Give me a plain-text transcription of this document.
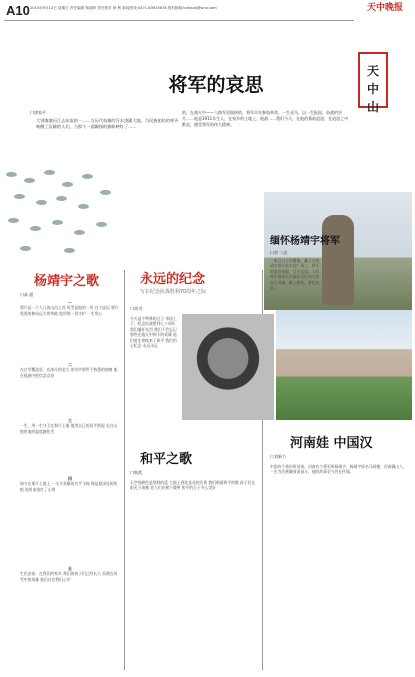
A10 2015年9月13日 星期日 责任编辑 杨淑妍 责任校对 徐 利 新闻热线:0371-63925678 报料邮箱:tzrbxxb@sina.com	天中晚报
天中山
将军的哀思
口唐家平
大别滚滚历江去东流的一……当历代英雄的汗水浇灌大地，当民族团结的呼声唤醒了沉睡的人们，当那个一面飘扬的旗帜映红了……
的，在战火中——八路军里面拼的，将军早年参加革命，一生戎马，以一生报国，奋战的岁月……他是1911年生人，在家乡的土地上，他最……我们今天，在他的墓前追思，在追思之中默哀，感受将军的伟大精神。
杨靖宇之歌
口高 超
一
那片是一个人儿的山河之苏 风雪是他的一切 过于遥远 那片黑黑的伸向远方的草地 他用那一切守护 一生用心
二
在白雪覆盖里，在冰冷的北方 冰雪中那些不熟悉的夜晚 他在孤独中把信念点亮
三
一生，用一生守卫在那片土地 他用自己的双手搭起 长白山 他用血的温度融化雪
四
如今在那片土地上 一支支英雄的名字飞扬 那是最深处的伤痕 他用血染红了山岗
五
生民安泰，在我们的家乡 我们的孩子们已经长大 而那在风雪中的英雄 他们还在我们心中
永远的纪念
写在纪念抗战胜利70周年之际
口周 红
今天是个特殊的日子 举国上下，纪念抗战胜利七十周年 我们缅怀先烈 我们不会忘记 那些在战火中倒下的英雄 他们用生命换来了和平 我们用心纪念 永远永远
和平之歌
口秋霞
天空的颜色是那样的蓝 大地上到处是花的芳香 我们唱着和平的歌 孩子们在阳光下奔跑 老人们在树下微笑 和平的日子多么美好
缅怀杨靖宇将军
口余 二虎
一座汉白玉的雕像，矗立在杨靖宇将军故乡的广场上，将军的面容坚毅，目光远望。人们每年都来这里缅怀这位伟大的抗日英雄，献上鲜花，寄托哀思。
河南娃 中国汉
口刘新力
中国有个省份叫河南，河南有个将军叫杨靖宇，杨靖宇原名马尚德，河南确山人，一生为民族解放而奋斗，他的故事至今仍在传诵。
